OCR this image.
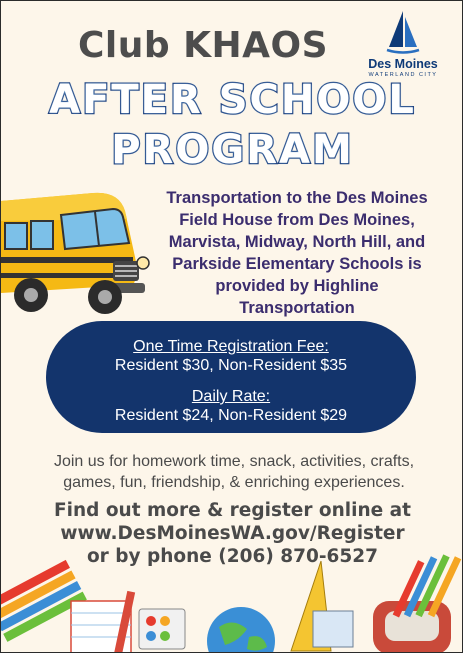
Club KHAOS	Des Moines
WATERLAND CITY
AFTER SCHOOL
PROGRAM
Transportation to the Des Moines
Field House from Des Moines,
Marvista, Midway, North Hill, and
Parkside Elementary Schools is
provided by Highline
Transportation
One Time Registration Fee:
Resident $30, Non-Resident $35
Daily Rate:
Resident $24, Non-Resident $29
Join us for homework time, snack, activities, crafts,
games, fun, friendship, & enriching experiences.
Find out more & register online at
www.DesMoinesWA.gov/Register
or by phone (206) 870-6527
